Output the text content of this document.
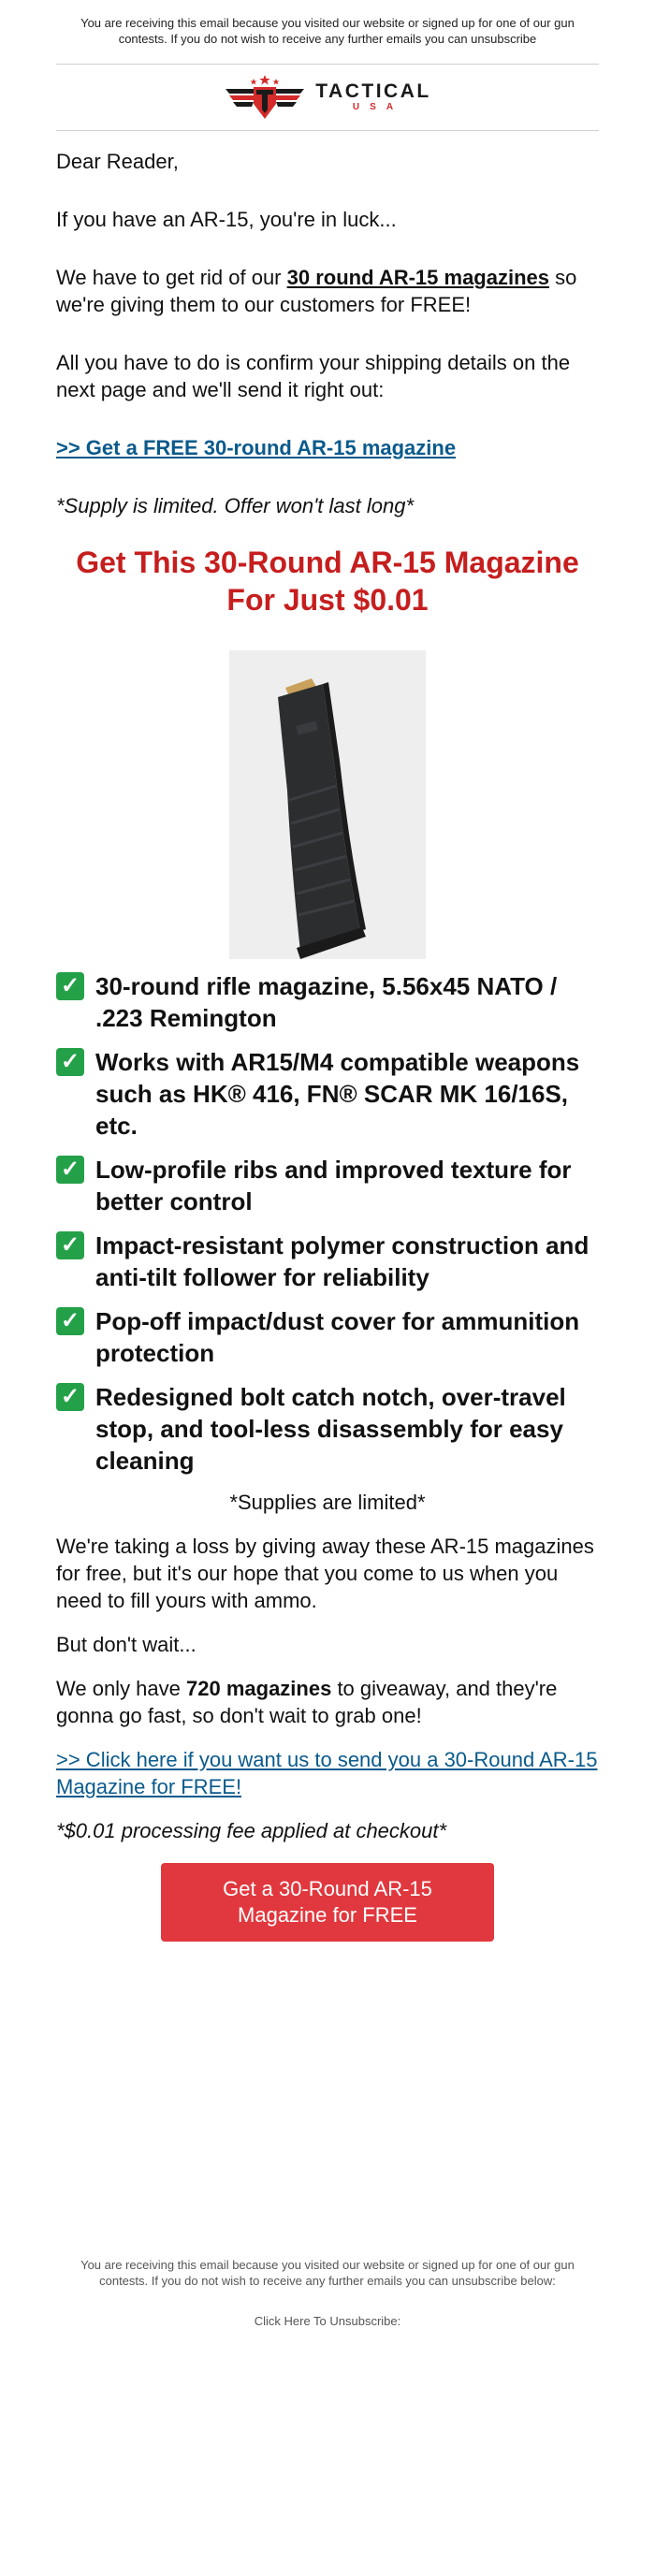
You are receiving this email because you visited our website or signed up for one of our gun contests. If you do not wish to receive any further emails you can unsubscribe
TACTICAL
USA

Dear Reader,

If you have an AR-15, you're in luck...

We have to get rid of our 30 round AR-15 magazines so we're giving them to our customers for FREE!

All you have to do is confirm your shipping details on the next page and we'll send it right out:

>> Get a FREE 30-round AR-15 magazine

*Supply is limited. Offer won't last long*

Get This 30-Round AR-15 Magazine For Just $0.01
✓ 30-round rifle magazine, 5.56x45 NATO / .223 Remington
✓ Works with AR15/M4 compatible weapons such as HK® 416, FN® SCAR MK 16/16S, etc.
✓ Low-profile ribs and improved texture for better control
✓ Impact-resistant polymer construction and anti-tilt follower for reliability
✓ Pop-off impact/dust cover for ammunition protection
✓ Redesigned bolt catch notch, over-travel stop, and tool-less disassembly for easy cleaning
*Supplies are limited*

We're taking a loss by giving away these AR-15 magazines for free, but it's our hope that you come to us when you need to fill yours with ammo.

But don't wait...

We only have 720 magazines to giveaway, and they're gonna go fast, so don't wait to grab one!

>> Click here if you want us to send you a 30-Round AR-15 Magazine for FREE!

*$0.01 processing fee applied at checkout*

Get a 30-Round AR-15 Magazine for FREE
You are receiving this email because you visited our website or signed up for one of our gun contests. If you do not wish to receive any further emails you can unsubscribe below:
Click Here To Unsubscribe:
